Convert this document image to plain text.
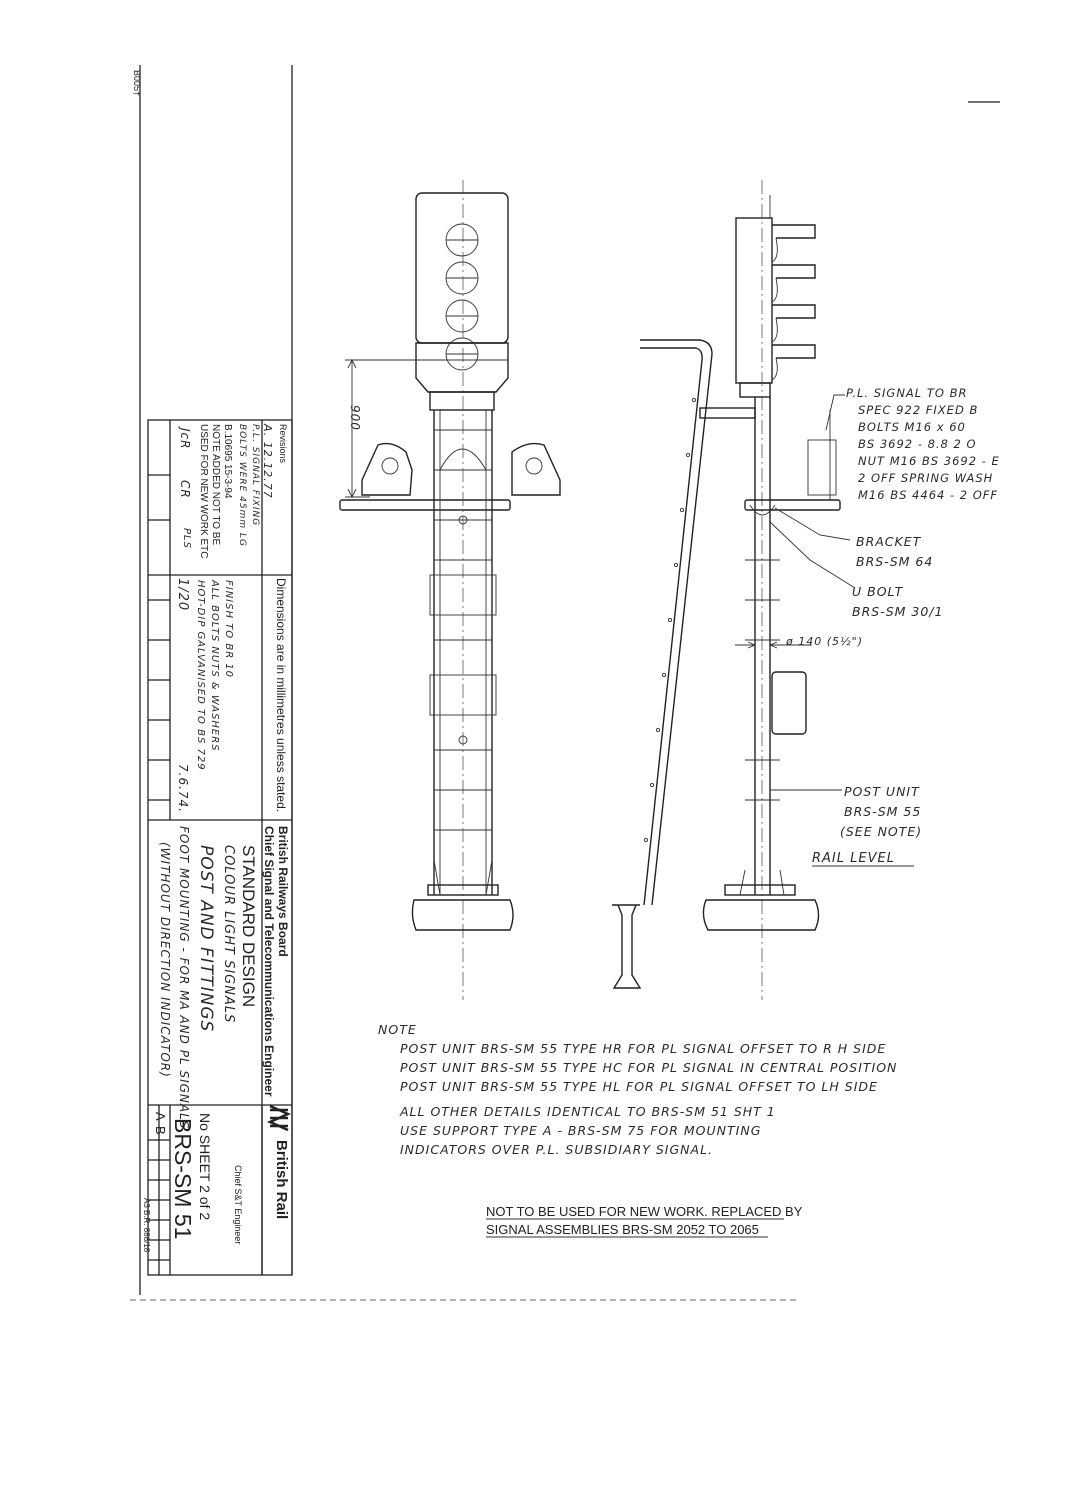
B005†
British Railways Board
Chief Signal and Telecommunications Engineer
STANDARD DESIGN
COLOUR LIGHT SIGNALS
POST AND FITTINGS
FOOT MOUNTING - FOR MA AND PL SIGNALS
(WITHOUT DIRECTION INDICATOR)
British Rail
Chief S&T Engineer
No SHEET 2 of 2
BRS-SM 51
A
B
A3 B.R. 888/18
Dimensions are in millimetres unless stated.
FINISH TO BR 10
ALL BOLTS NUTS & WASHERS
HOT-DIP GALVANISED TO BS 729
1/20
7.6.74.
Revisions
A. 12.12.77
P.L. SIGNAL FIXING
BOLTS WERE 45mm LG
B.10695 15-3-94
NOTE ADDED NOT TO BE
USED FOR NEW WORK ETC
JcR
CR
PLS
900
P.L. SIGNAL TO BR
SPEC 922 FIXED B
BOLTS M16 x 60
BS 3692 - 8.8 2 O
NUT M16 BS 3692 - E
2 OFF SPRING WASH
M16 BS 4464 - 2 OFF
BRACKET
BRS-SM 64
U BOLT
BRS-SM 30/1
ø 140 (5½")
POST UNIT
BRS-SM 55
(SEE NOTE)
RAIL LEVEL
NOTE
POST UNIT BRS-SM 55 TYPE HR FOR PL SIGNAL OFFSET TO R H SIDE
POST UNIT BRS-SM 55 TYPE HC FOR PL SIGNAL IN CENTRAL POSITION
POST UNIT BRS-SM 55 TYPE HL FOR PL SIGNAL OFFSET TO LH SIDE
ALL OTHER DETAILS IDENTICAL TO BRS-SM 51 SHT 1
USE SUPPORT TYPE A - BRS-SM 75 FOR MOUNTING
INDICATORS OVER P.L. SUBSIDIARY SIGNAL.
NOT TO BE USED FOR NEW WORK. REPLACED BY
SIGNAL ASSEMBLIES BRS-SM 2052 TO 2065
